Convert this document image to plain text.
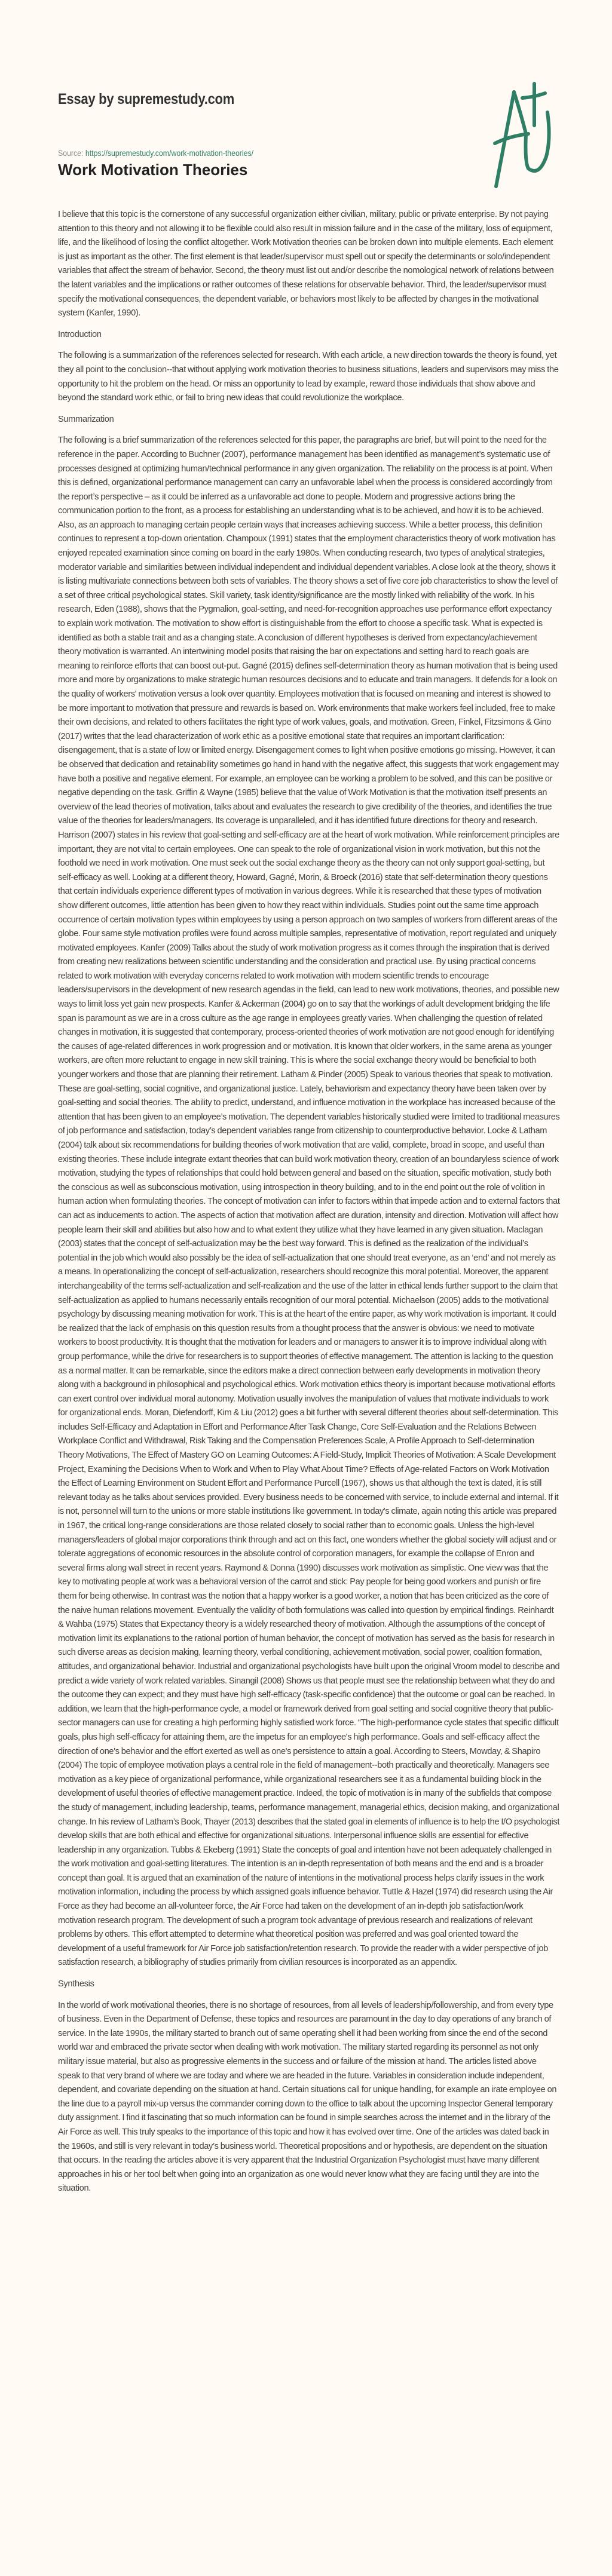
Essay by supremestudy.com
Source: https://supremestudy.com/work-motivation-theories/
Work Motivation Theories

I believe that this topic is the cornerstone of any successful organization either civilian, military, public or private enterprise. By not paying attention to this theory and not allowing it to be flexible could also result in mission failure and in the case of the military, loss of equipment, life, and the likelihood of losing the conflict altogether. Work Motivation theories can be broken down into multiple elements. Each element is just as important as the other. The first element is that leader/supervisor must spell out or specify the determinants or solo/independent variables that affect the stream of behavior. Second, the theory must list out and/or describe the nomological network of relations between the latent variables and the implications or rather outcomes of these relations for observable behavior. Third, the leader/supervisor must specify the motivational consequences, the dependent variable, or behaviors most likely to be affected by changes in the motivational system (Kanfer, 1990).

Introduction

The following is a summarization of the references selected for research. With each article, a new direction towards the theory is found, yet they all point to the conclusion--that without applying work motivation theories to business situations, leaders and supervisors may miss the opportunity to hit the problem on the head. Or miss an opportunity to lead by example, reward those individuals that show above and beyond the standard work ethic, or fail to bring new ideas that could revolutionize the workplace.

Summarization

The following is a brief summarization of the references selected for this paper, the paragraphs are brief, but will point to the need for the reference in the paper. According to Buchner (2007), performance management has been identified as management’s systematic use of processes designed at optimizing human/technical performance in any given organization. The reliability on the process is at point. When this is defined, organizational performance management can carry an unfavorable label when the process is considered accordingly from the report’s perspective – as it could be inferred as a unfavorable act done to people. Modern and progressive actions bring the communication portion to the front, as a process for establishing an understanding what is to be achieved, and how it is to be achieved. Also, as an approach to managing certain people certain ways that increases achieving success. While a better process, this definition continues to represent a top-down orientation. Champoux (1991) states that the employment characteristics theory of work motivation has enjoyed repeated examination since coming on board in the early 1980s. When conducting research, two types of analytical strategies, moderator variable and similarities between individual independent and individual dependent variables. A close look at the theory, shows it is listing multivariate connections between both sets of variables. The theory shows a set of five core job characteristics to show the level of a set of three critical psychological states. Skill variety, task identity/significance are the mostly linked with reliability of the work. In his research, Eden (1988), shows that the Pygmalion, goal-setting, and need-for-recognition approaches use performance effort expectancy to explain work motivation. The motivation to show effort is distinguishable from the effort to choose a specific task. What is expected is identified as both a stable trait and as a changing state. A conclusion of different hypotheses is derived from expectancy/achievement theory motivation is warranted. An intertwining model posits that raising the bar on expectations and setting hard to reach goals are meaning to reinforce efforts that can boost out-put. Gagné (2015) defines self-determination theory as human motivation that is being used more and more by organizations to make strategic human resources decisions and to educate and train managers. It defends for a look on the quality of workers' motivation versus a look over quantity. Employees motivation that is focused on meaning and interest is showed to be more important to motivation that pressure and rewards is based on. Work environments that make workers feel included, free to make their own decisions, and related to others facilitates the right type of work values, goals, and motivation. Green, Finkel, Fitzsimons & Gino (2017) writes that the lead characterization of work ethic as a positive emotional state that requires an important clarification: disengagement, that is a state of low or limited energy. Disengagement comes to light when positive emotions go missing. However, it can be observed that dedication and retainability sometimes go hand in hand with the negative affect, this suggests that work engagement may have both a positive and negative element. For example, an employee can be working a problem to be solved, and this can be positive or negative depending on the task. Griffin & Wayne (1985) believe that the value of Work Motivation is that the motivation itself presents an overview of the lead theories of motivation, talks about and evaluates the research to give credibility of the theories, and identifies the true value of the theories for leaders/managers. Its coverage is unparalleled, and it has identified future directions for theory and research. Harrison (2007) states in his review that goal-setting and self-efficacy are at the heart of work motivation. While reinforcement principles are important, they are not vital to certain employees. One can speak to the role of organizational vision in work motivation, but this not the foothold we need in work motivation. One must seek out the social exchange theory as the theory can not only support goal-setting, but self-efficacy as well. Looking at a different theory, Howard, Gagné, Morin, & Broeck (2016) state that self-determination theory questions that certain individuals experience different types of motivation in various degrees. While it is researched that these types of motivation show different outcomes, little attention has been given to how they react within individuals. Studies point out the same time approach occurrence of certain motivation types within employees by using a person approach on two samples of workers from different areas of the globe. Four same style motivation profiles were found across multiple samples, representative of motivation, report regulated and uniquely motivated employees. Kanfer (2009) Talks about the study of work motivation progress as it comes through the inspiration that is derived from creating new realizations between scientific understanding and the consideration and practical use. By using practical concerns related to work motivation with everyday concerns related to work motivation with modern scientific trends to encourage leaders/supervisors in the development of new research agendas in the field, can lead to new work motivations, theories, and possible new ways to limit loss yet gain new prospects. Kanfer & Ackerman (2004) go on to say that the workings of adult development bridging the life span is paramount as we are in a cross culture as the age range in employees greatly varies. When challenging the question of related changes in motivation, it is suggested that contemporary, process-oriented theories of work motivation are not good enough for identifying the causes of age-related differences in work progression and or motivation. It is known that older workers, in the same arena as younger workers, are often more reluctant to engage in new skill training. This is where the social exchange theory would be beneficial to both younger workers and those that are planning their retirement. Latham & Pinder (2005) Speak to various theories that speak to motivation. These are goal-setting, social cognitive, and organizational justice. Lately, behaviorism and expectancy theory have been taken over by goal-setting and social theories. The ability to predict, understand, and influence motivation in the workplace has increased because of the attention that has been given to an employee’s motivation. The dependent variables historically studied were limited to traditional measures of job performance and satisfaction, today’s dependent variables range from citizenship to counterproductive behavior. Locke & Latham (2004) talk about six recommendations for building theories of work motivation that are valid, complete, broad in scope, and useful than existing theories. These include integrate extant theories that can build work motivation theory, creation of an boundaryless science of work motivation, studying the types of relationships that could hold between general and based on the situation, specific motivation, study both the conscious as well as subconscious motivation, using introspection in theory building, and to in the end point out the role of volition in human action when formulating theories. The concept of motivation can infer to factors within that impede action and to external factors that can act as inducements to action. The aspects of action that motivation affect are duration, intensity and direction. Motivation will affect how people learn their skill and abilities but also how and to what extent they utilize what they have learned in any given situation. Maclagan (2003) states that the concept of self-actualization may be the best way forward. This is defined as the realization of the individual’s potential in the job which would also possibly be the idea of self-actualization that one should treat everyone, as an ‘end’ and not merely as a means. In operationalizing the concept of self-actualization, researchers should recognize this moral potential. Moreover, the apparent interchangeability of the terms self-actualization and self-realization and the use of the latter in ethical lends further support to the claim that self-actualization as applied to humans necessarily entails recognition of our moral potential. Michaelson (2005) adds to the motivational psychology by discussing meaning motivation for work. This is at the heart of the entire paper, as why work motivation is important. It could be realized that the lack of emphasis on this question results from a thought process that the answer is obvious: we need to motivate workers to boost productivity. It is thought that the motivation for leaders and or managers to answer it is to improve individual along with group performance, while the drive for researchers is to support theories of effective management. The attention is lacking to the question as a normal matter. It can be remarkable, since the editors make a direct connection between early developments in motivation theory along with a background in philosophical and psychological ethics. Work motivation ethics theory is important because motivational efforts can exert control over individual moral autonomy. Motivation usually involves the manipulation of values that motivate individuals to work for organizational ends. Moran, Diefendorff, Kim & Liu (2012) goes a bit further with several different theories about self-determination. This includes Self-Efficacy and Adaptation in Effort and Performance After Task Change, Core Self-Evaluation and the Relations Between Workplace Conflict and Withdrawal, Risk Taking and the Compensation Preferences Scale, A Profile Approach to Self-determination Theory Motivations, The Effect of Mastery GO on Learning Outcomes: A Field-Study, Implicit Theories of Motivation: A Scale Development Project, Examining the Decisions When to Work and When to Play What About Time? Effects of Age-related Factors on Work Motivation the Effect of Learning Environment on Student Effort and Performance Purcell (1967), shows us that although the text is dated, it is still relevant today as he talks about services provided. Every business needs to be concerned with service, to include external and internal. If it is not, personnel will turn to the unions or more stable institutions like government. In today's climate, again noting this article was prepared in 1967, the critical long-range considerations are those related closely to social rather than to economic goals. Unless the high-level managers/leaders of global major corporations think through and act on this fact, one wonders whether the global society will adjust and or tolerate aggregations of economic resources in the absolute control of corporation managers, for example the collapse of Enron and several firms along wall street in recent years. Raymond & Donna (1990) discusses work motivation as simplistic. One view was that the key to motivating people at work was a behavioral version of the carrot and stick: Pay people for being good workers and punish or fire them for being otherwise. In contrast was the notion that a happy worker is a good worker, a notion that has been criticized as the core of the naive human relations movement. Eventually the validity of both formulations was called into question by empirical findings. Reinhardt & Wahba (1975) States that Expectancy theory is a widely researched theory of motivation. Although the assumptions of the concept of motivation limit its explanations to the rational portion of human behavior, the concept of motivation has served as the basis for research in such diverse areas as decision making, learning theory, verbal conditioning, achievement motivation, social power, coalition formation, attitudes, and organizational behavior. Industrial and organizational psychologists have built upon the original Vroom model to describe and predict a wide variety of work related variables. Sinangil (2008) Shows us that people must see the relationship between what they do and the outcome they can expect; and they must have high self-efficacy (task-specific confidence) that the outcome or goal can be reached. In addition, we learn that the high-performance cycle, a model or framework derived from goal setting and social cognitive theory that public-sector managers can use for creating a high performing highly satisfied work force. “The high-performance cycle states that specific difficult goals, plus high self-efficacy for attaining them, are the impetus for an employee's high performance. Goals and self-efficacy affect the direction of one's behavior and the effort exerted as well as one's persistence to attain a goal. According to Steers, Mowday, & Shapiro (2004) The topic of employee motivation plays a central role in the field of management--both practically and theoretically. Managers see motivation as a key piece of organizational performance, while organizational researchers see it as a fundamental building block in the development of useful theories of effective management practice. Indeed, the topic of motivation is in many of the subfields that compose the study of management, including leadership, teams, performance management, managerial ethics, decision making, and organizational change. In his review of Latham’s Book, Thayer (2013) describes that the stated goal in elements of influence is to help the I/O psychologist develop skills that are both ethical and effective for organizational situations. Interpersonal influence skills are essential for effective leadership in any organization. Tubbs & Ekeberg (1991) State the concepts of goal and intention have not been adequately challenged in the work motivation and goal-setting literatures. The intention is an in-depth representation of both means and the end and is a broader concept than goal. It is argued that an examination of the nature of intentions in the motivational process helps clarify issues in the work motivation information, including the process by which assigned goals influence behavior. Tuttle & Hazel (1974) did research using the Air Force as they had become an all-volunteer force, the Air Force had taken on the development of an in-depth job satisfaction/work motivation research program. The development of such a program took advantage of previous research and realizations of relevant problems by others. This effort attempted to determine what theoretical position was preferred and was goal oriented toward the development of a useful framework for Air Force job satisfaction/retention research. To provide the reader with a wider perspective of job satisfaction research, a bibliography of studies primarily from civilian resources is incorporated as an appendix.

Synthesis

In the world of work motivational theories, there is no shortage of resources, from all levels of leadership/followership, and from every type of business. Even in the Department of Defense, these topics and resources are paramount in the day to day operations of any branch of service. In the late 1990s, the military started to branch out of same operating shell it had been working from since the end of the second world war and embraced the private sector when dealing with work motivation. The military started regarding its personnel as not only military issue material, but also as progressive elements in the success and or failure of the mission at hand. The articles listed above speak to that very brand of where we are today and where we are headed in the future. Variables in consideration include independent, dependent, and covariate depending on the situation at hand. Certain situations call for unique handling, for example an irate employee on the line due to a payroll mix-up versus the commander coming down to the office to talk about the upcoming Inspector General temporary duty assignment. I find it fascinating that so much information can be found in simple searches across the internet and in the library of the Air Force as well. This truly speaks to the importance of this topic and how it has evolved over time. One of the articles was dated back in the 1960s, and still is very relevant in today’s business world. Theoretical propositions and or hypothesis, are dependent on the situation that occurs. In the reading the articles above it is very apparent that the Industrial Organization Psychologist must have many different approaches in his or her tool belt when going into an organization as one would never know what they are facing until they are into the situation.
